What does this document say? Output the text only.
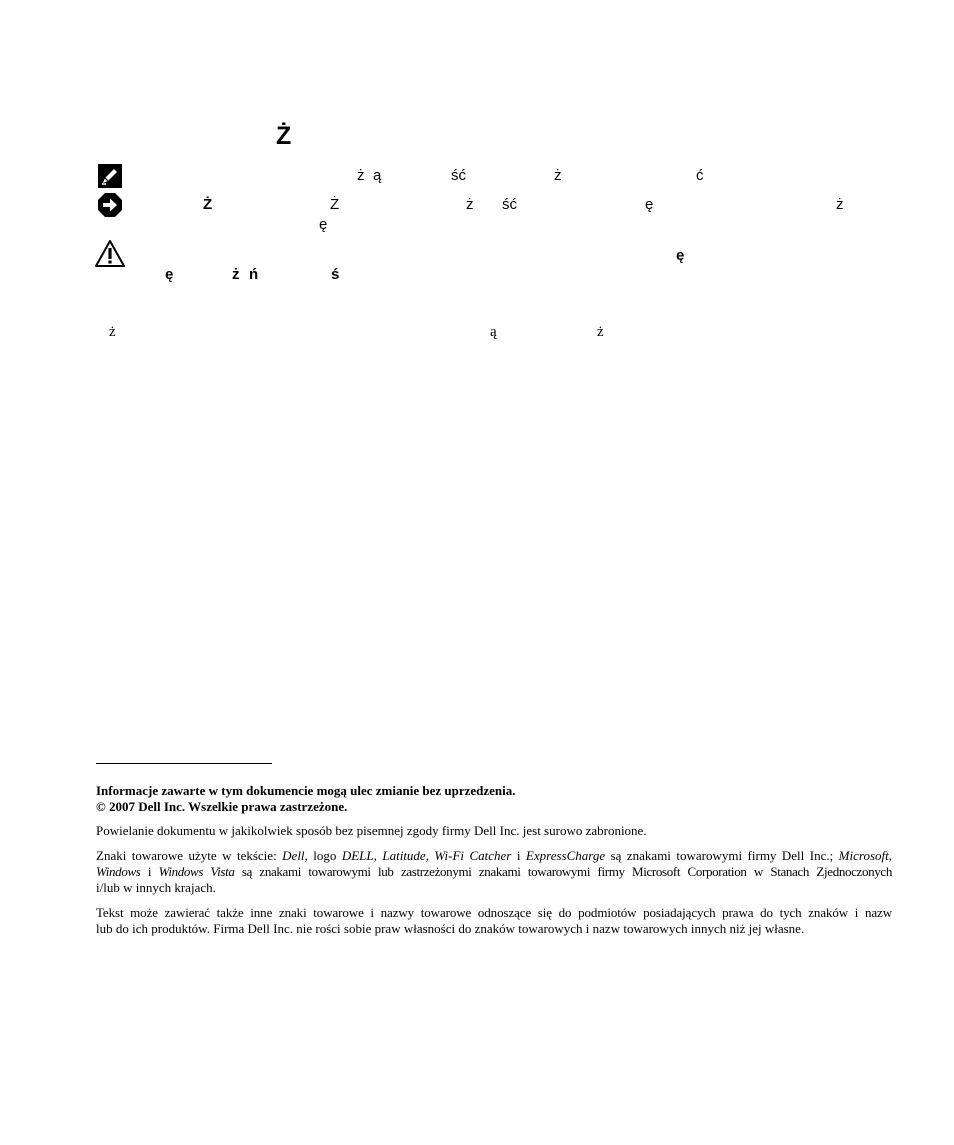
Ż
ż ą	ść	ż	ć
Ż	Ż	ż ść	ę	ż
ę
ę
ę	ż ń	ś
ż	ą	ż

Informacje zawarte w tym dokumencie mogą ulec zmianie bez uprzedzenia.

© 2007 Dell Inc. Wszelkie prawa zastrzeżone.

Powielanie dokumentu w jakikolwiek sposób bez pisemnej zgody firmy Dell Inc. jest surowo zabronione.

Znaki towarowe użyte w tekście: Dell, logo DELL, Latitude, Wi-Fi Catcher i ExpressCharge są znakami towarowymi firmy Dell Inc.; Microsoft,

Windows i Windows Vista są znakami towarowymi lub zastrzeżonymi znakami towarowymi firmy Microsoft Corporation w Stanach Zjednoczonych

i/lub w innych krajach.

Tekst może zawierać także inne znaki towarowe i nazwy towarowe odnoszące się do podmiotów posiadających prawa do tych znaków i nazw

lub do ich produktów. Firma Dell Inc. nie rości sobie praw własności do znaków towarowych i nazw towarowych innych niż jej własne.
